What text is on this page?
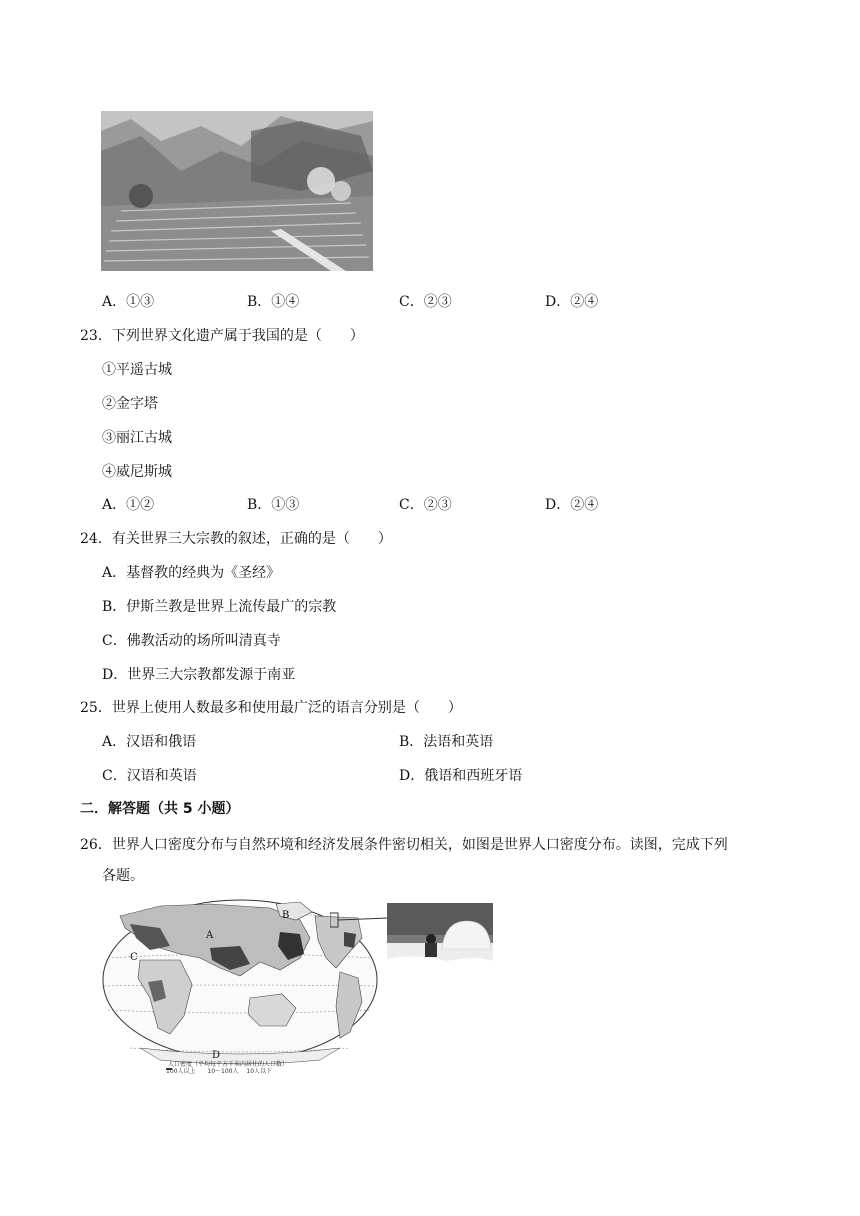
A．①③	B．①④	C．②③	D．②④
23．下列世界文化遗产属于我国的是（　　）
①平遥古城
②金字塔
③丽江古城
④威尼斯城
A．①②	B．①③	C．②③	D．②④
24．有关世界三大宗教的叙述，正确的是（　　）
A．基督教的经典为《圣经》
B．伊斯兰教是世界上流传最广的宗教
C．佛教活动的场所叫清真寺
D．世界三大宗教都发源于南亚
25．世界上使用人数最多和使用最广泛的语言分别是（　　）
A．汉语和俄语	B．法语和英语
C．汉语和英语	D．俄语和西班牙语
二．解答题（共 5 小题）
26．世界人口密度分布与自然环境和经济发展条件密切相关，如图是世界人口密度分布。读图，完成下列
各题。
A
B
C
D
人口密度（平均每平方千米内居住的人口数）
100人以上 10～100人 10人以下
